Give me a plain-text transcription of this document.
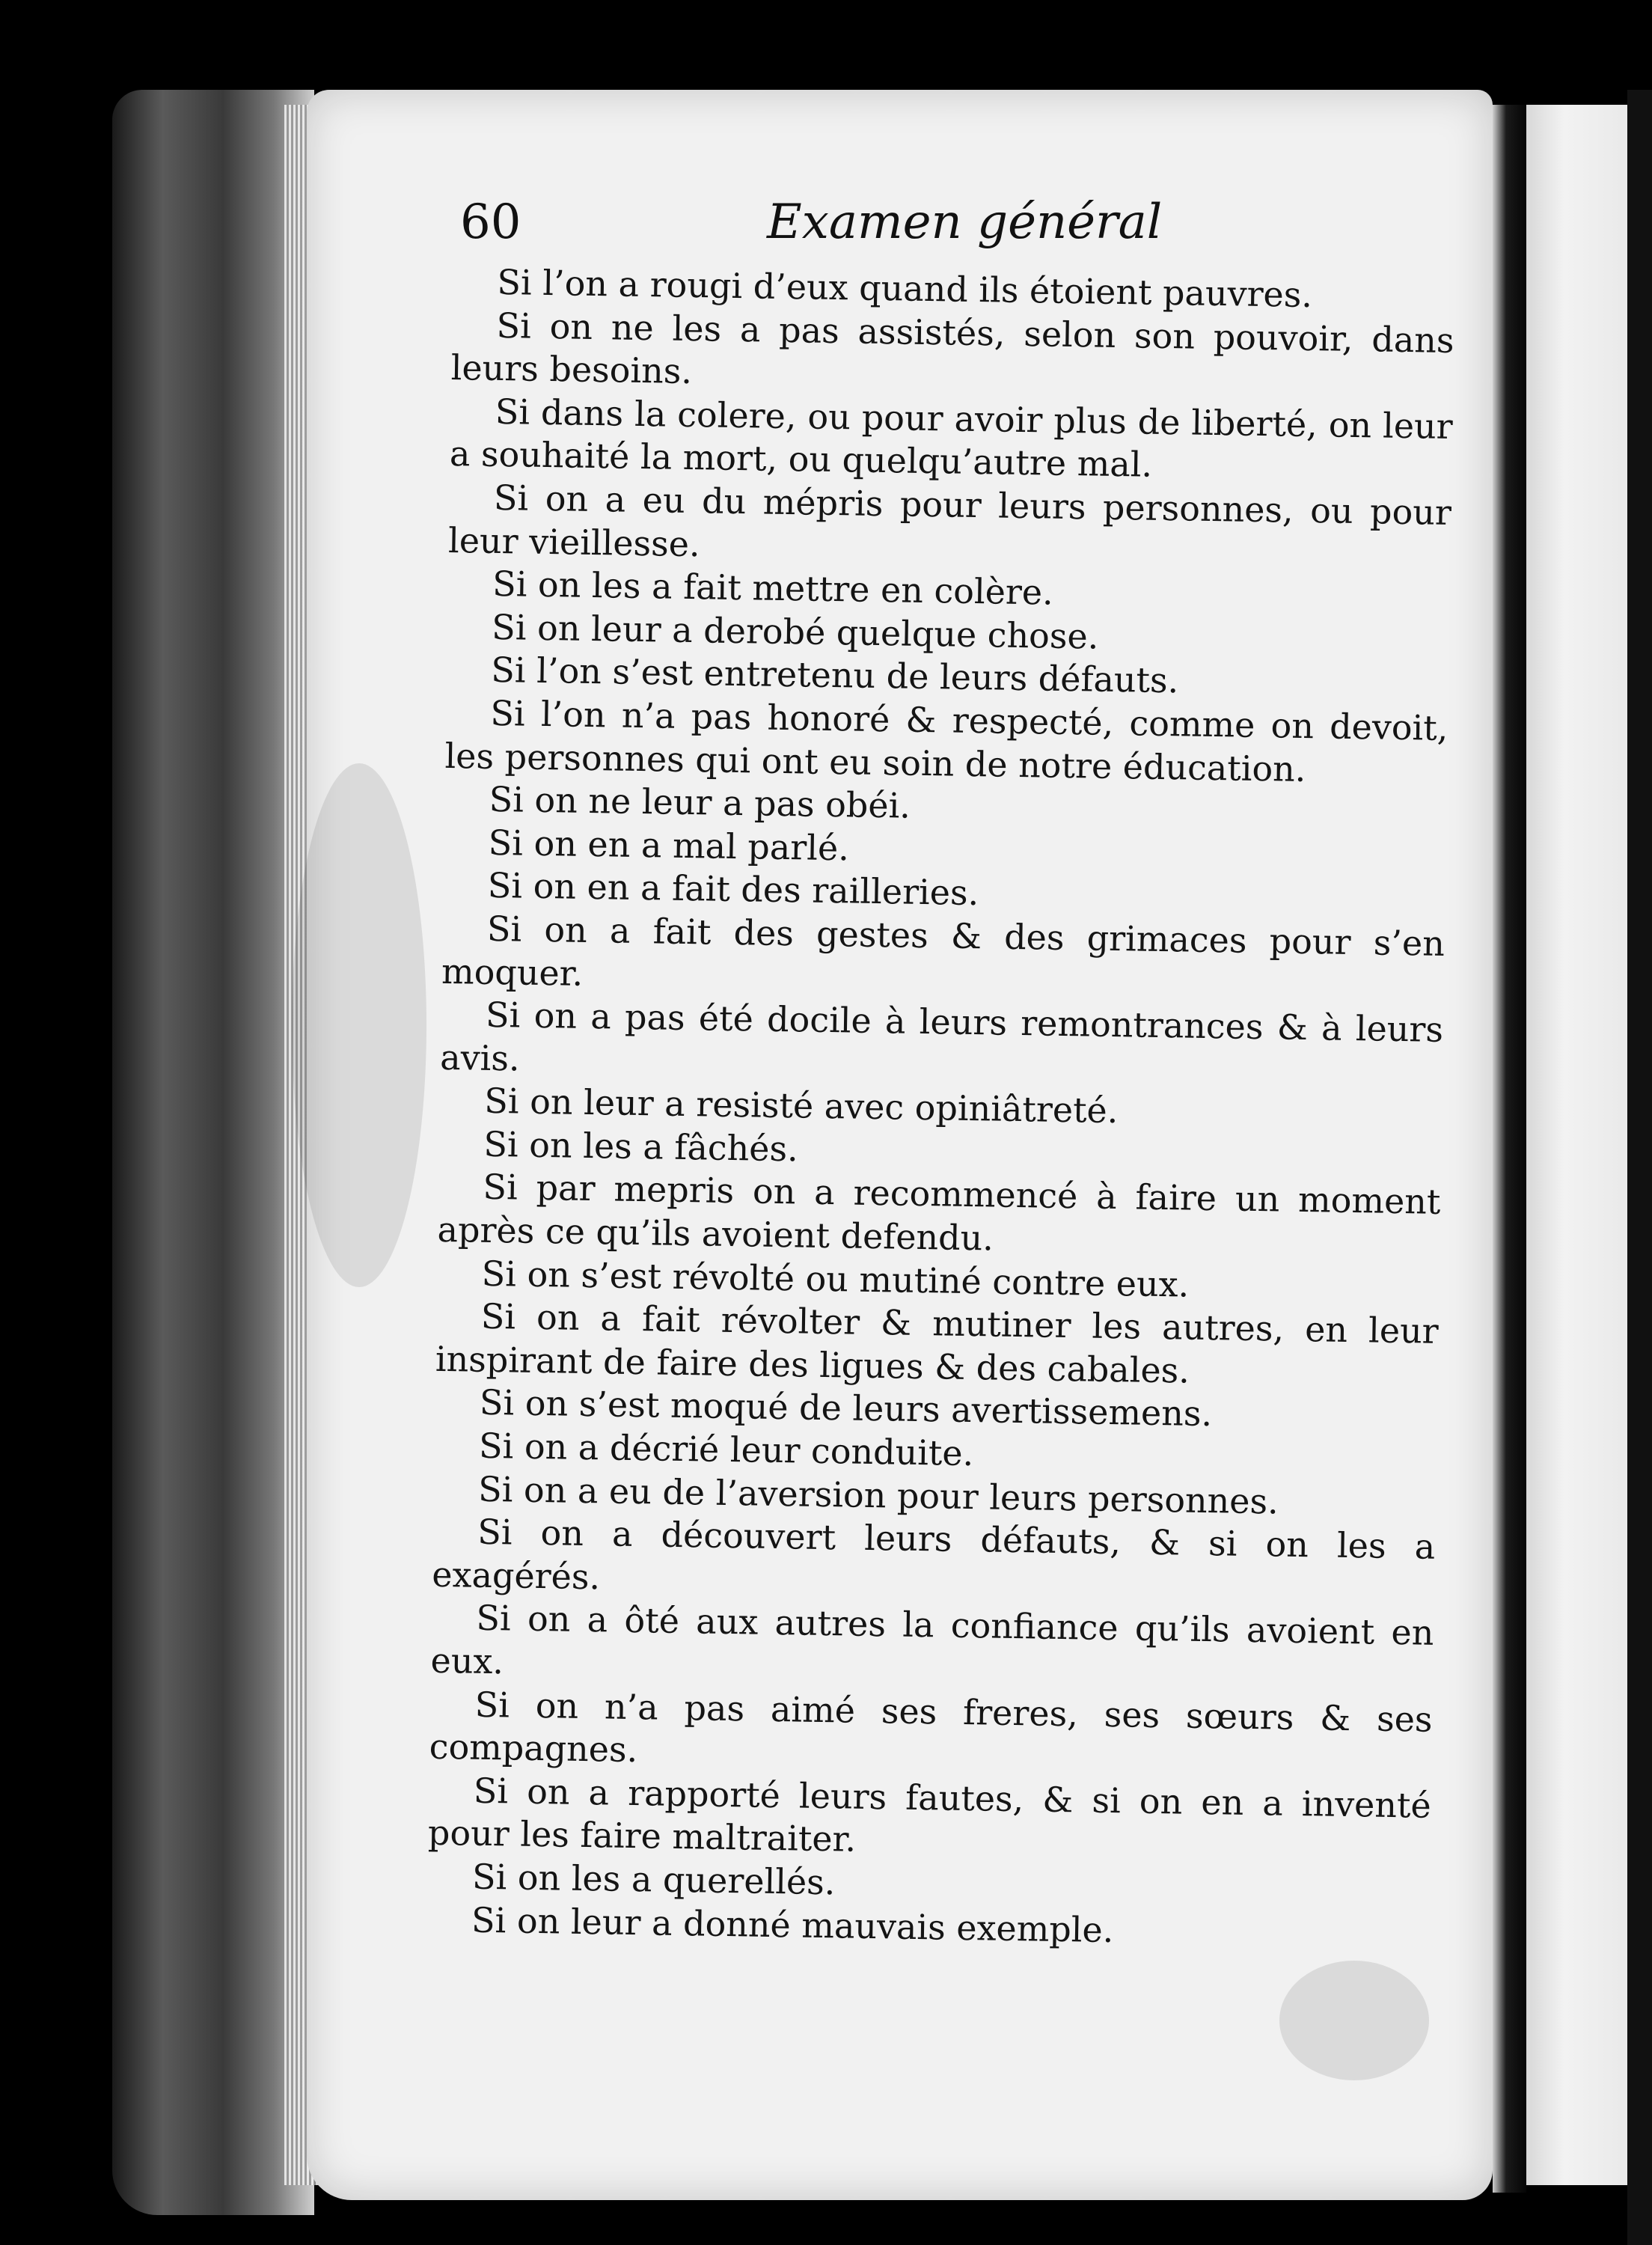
60	Examen général

Si l’on a rougi d’eux quand ils étoient pauvres.

Si on ne les a pas assistés, selon son pouvoir, dans leurs besoins.

Si dans la colere, ou pour avoir plus de liberté, on leur a souhaité la mort, ou quelqu’autre mal.

Si on a eu du mépris pour leurs personnes, ou pour leur vieillesse.

Si on les a fait mettre en colère.

Si on leur a derobé quelque chose.

Si l’on s’est entretenu de leurs défauts.

Si l’on n’a pas honoré & respecté, comme on devoit, les personnes qui ont eu soin de notre éducation.

Si on ne leur a pas obéi.

Si on en a mal parlé.

Si on en a fait des railleries.

Si on a fait des gestes & des grimaces pour s’en moquer.

Si on a pas été docile à leurs remontrances & à leurs avis.

Si on leur a resisté avec opiniâtreté.

Si on les a fâchés.

Si par mepris on a recommencé à faire un moment après ce qu’ils avoient defendu.

Si on s’est révolté ou mutiné contre eux.

Si on a fait révolter & mutiner les autres, en leur inspirant de faire des ligues & des cabales.

Si on s’est moqué de leurs avertissemens.

Si on a décrié leur conduite.

Si on a eu de l’aversion pour leurs personnes.

Si on a découvert leurs défauts, & si on les a exagérés.

Si on a ôté aux autres la confiance qu’ils avoient en eux.

Si on n’a pas aimé ses freres, ses sœurs & ses compagnes.

Si on a rapporté leurs fautes, & si on en a inventé pour les faire maltraiter.

Si on les a querellés.

Si on leur a donné mauvais exemple.
